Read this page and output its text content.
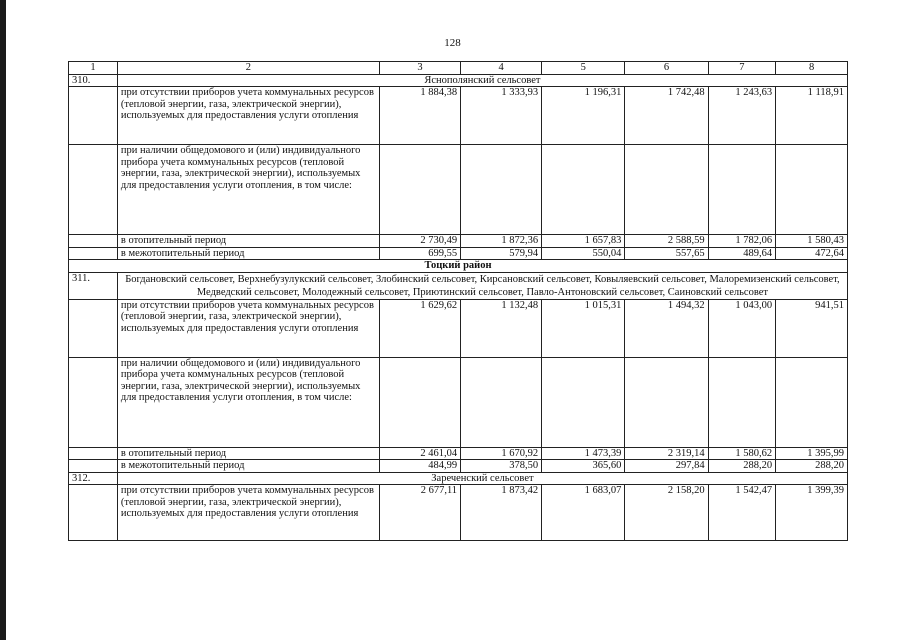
128
1	2	3	4	5	6	7	8
310.	Яснополянский сельсовет						
	при отсутствии приборов учета коммунальных ресурсов (тепловой энергии, газа, электрической энергии), используемых для предоставления услуги отопления	1 884,38	1 333,93	1 196,31	1 742,48	1 243,63	1 118,91
	при наличии общедомового и (или) индивидуального прибора учета коммунальных ресурсов (тепловой энергии, газа, электрической энергии), используемых для предоставления услуги отопления, в том числе:						
	в отопительный период	2 730,49	1 872,36	1 657,83	2 588,59	1 782,06	1 580,43
	в межотопительный период	699,55	579,94	550,04	557,65	489,64	472,64
Тоцкий район							
311.	Богдановский сельсовет, Верхнебузулукский сельсовет, Злобинский сельсовет, Кирсановский сельсовет, Ковыляевский сельсовет, Малоремизенский сельсовет, Медведский сельсовет, Молодежный сельсовет, Приютинский сельсовет, Павло-Антоновский сельсовет, Саиновский сельсовет						
	при отсутствии приборов учета коммунальных ресурсов (тепловой энергии, газа, электрической энергии), используемых для предоставления услуги отопления	1 629,62	1 132,48	1 015,31	1 494,32	1 043,00	941,51
	при наличии общедомового и (или) индивидуального прибора учета коммунальных ресурсов (тепловой энергии, газа, электрической энергии), используемых для предоставления услуги отопления, в том числе:						
	в отопительный период	2 461,04	1 670,92	1 473,39	2 319,14	1 580,62	1 395,99
	в межотопительный период	484,99	378,50	365,60	297,84	288,20	288,20
312.	Зареченский сельсовет						
	при отсутствии приборов учета коммунальных ресурсов (тепловой энергии, газа, электрической энергии), используемых для предоставления услуги отопления	2 677,11	1 873,42	1 683,07	2 158,20	1 542,47	1 399,39
